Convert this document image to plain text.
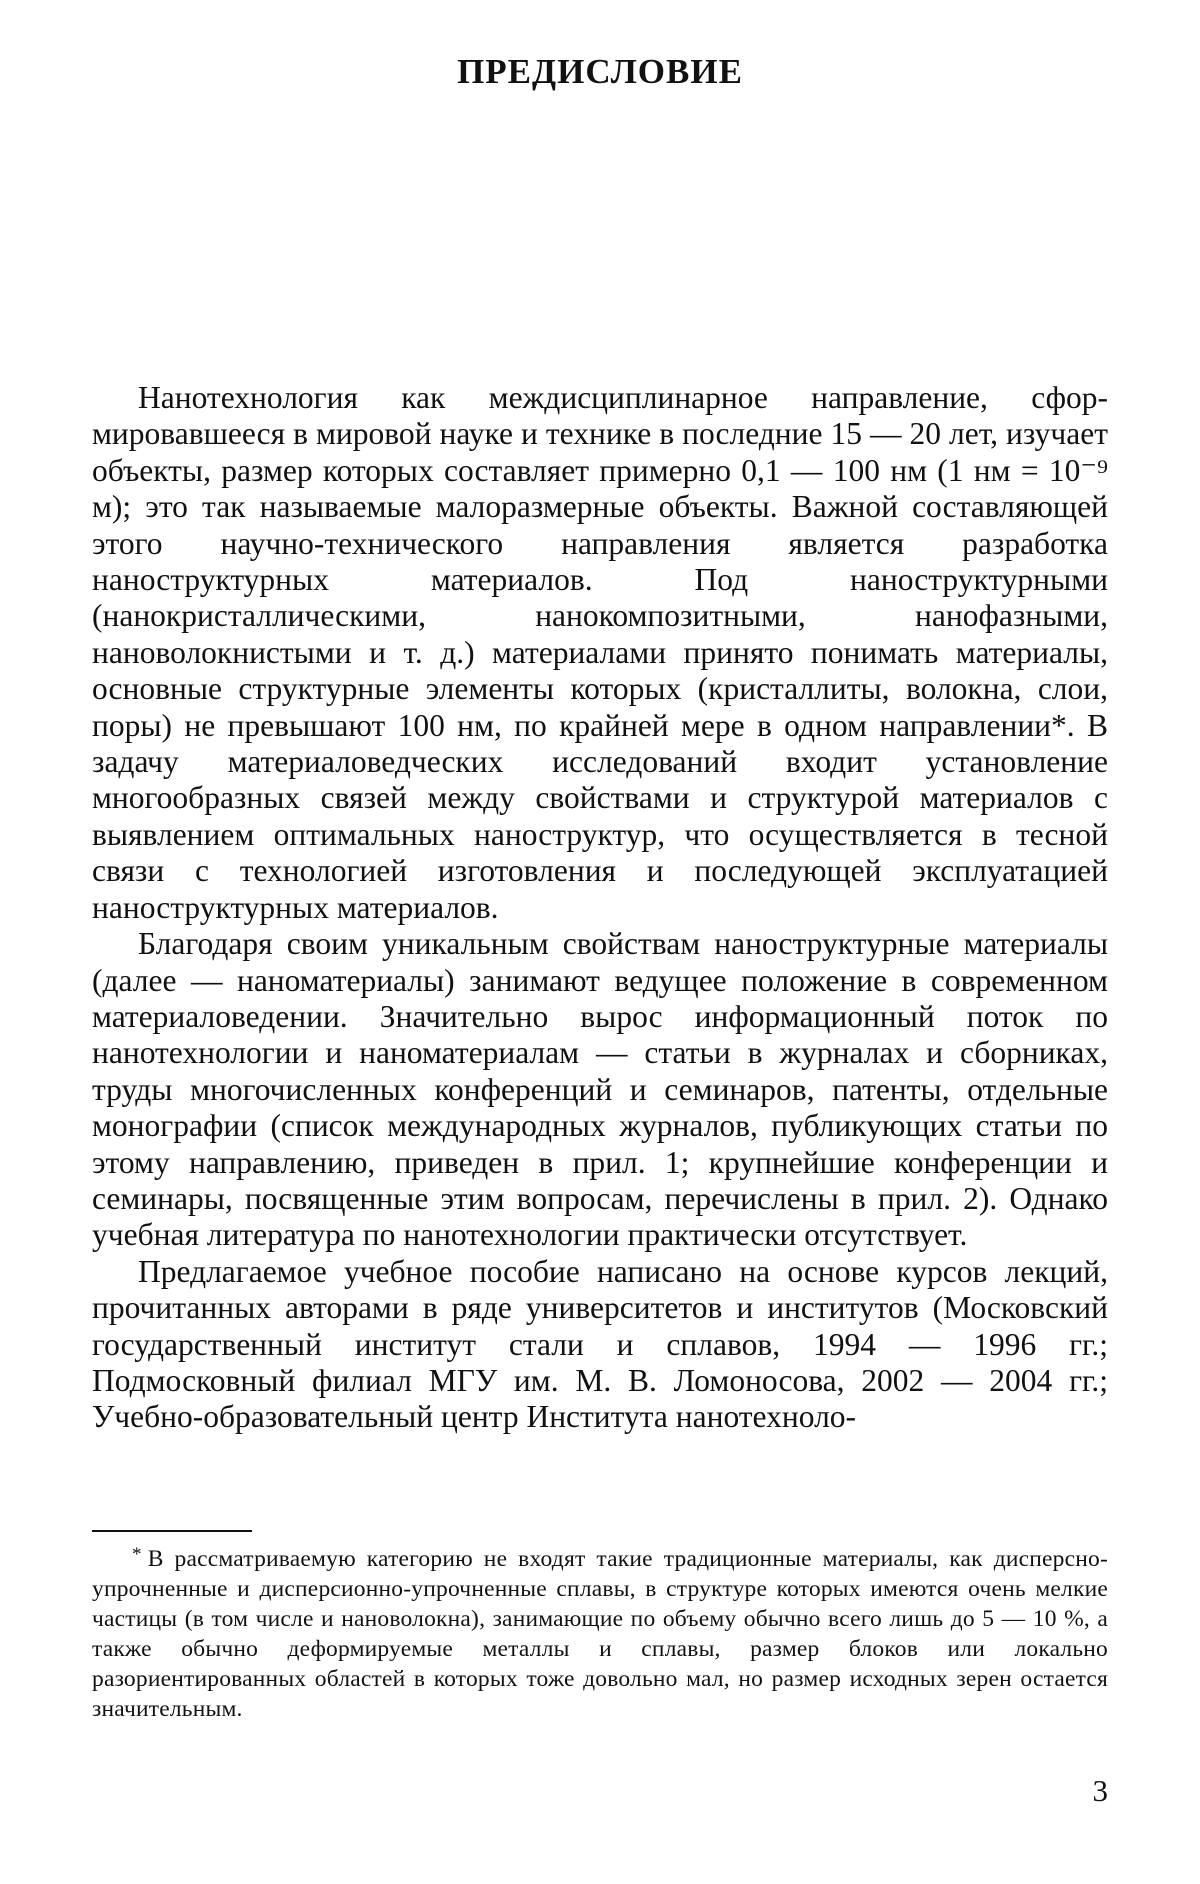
ПРЕДИСЛОВИЕ

Нанотехнология как междисциплинарное направление, сформировавшееся в мировой науке и технике в последние 15 — 20 лет, изучает объекты, размер которых составляет примерно 0,1 — 100 нм (1 нм = 10⁻⁹ м); это так называемые малоразмерные объекты. Важной составляющей этого научно-технического направления является разработка наноструктурных материалов. Под наноструктурными (нанокристаллическими, нанокомпозитными, нанофазными, нановолокнистыми и т. д.) материалами принято понимать материалы, основные структурные элементы которых (кристаллиты, волокна, слои, поры) не превышают 100 нм, по крайней мере в одном направлении*. В задачу материаловедческих исследований входит установление многообразных связей между свойствами и структурой материалов с выявлением оптимальных наноструктур, что осуществляется в тесной связи с технологией изготовления и последующей эксплуатацией наноструктурных материалов.

Благодаря своим уникальным свойствам наноструктурные материалы (далее — наноматериалы) занимают ведущее положение в современном материаловедении. Значительно вырос информационный поток по нанотехнологии и наноматериалам — статьи в журналах и сборниках, труды многочисленных конференций и семинаров, патенты, отдельные монографии (список международных журналов, публикующих статьи по этому направлению, приведен в прил. 1; крупнейшие конференции и семинары, посвященные этим вопросам, перечислены в прил. 2). Однако учебная литература по нанотехнологии практически отсутствует.

Предлагаемое учебное пособие написано на основе курсов лекций, прочитанных авторами в ряде университетов и институтов (Московский государственный институт стали и сплавов, 1994 — 1996 гг.; Подмосковный филиал МГУ им. М. В. Ломоносова, 2002 — 2004 гг.; Учебно-образовательный центр Института нанотехноло-

* В рассматриваемую категорию не входят такие традиционные материалы, как дисперсно-упрочненные и дисперсионно-упрочненные сплавы, в структуре которых имеются очень мелкие частицы (в том числе и нановолокна), занимающие по объему обычно всего лишь до 5 — 10 %, а также обычно деформируемые металлы и сплавы, размер блоков или локально разориентированных областей в которых тоже довольно мал, но размер исходных зерен остается значительным.

3
